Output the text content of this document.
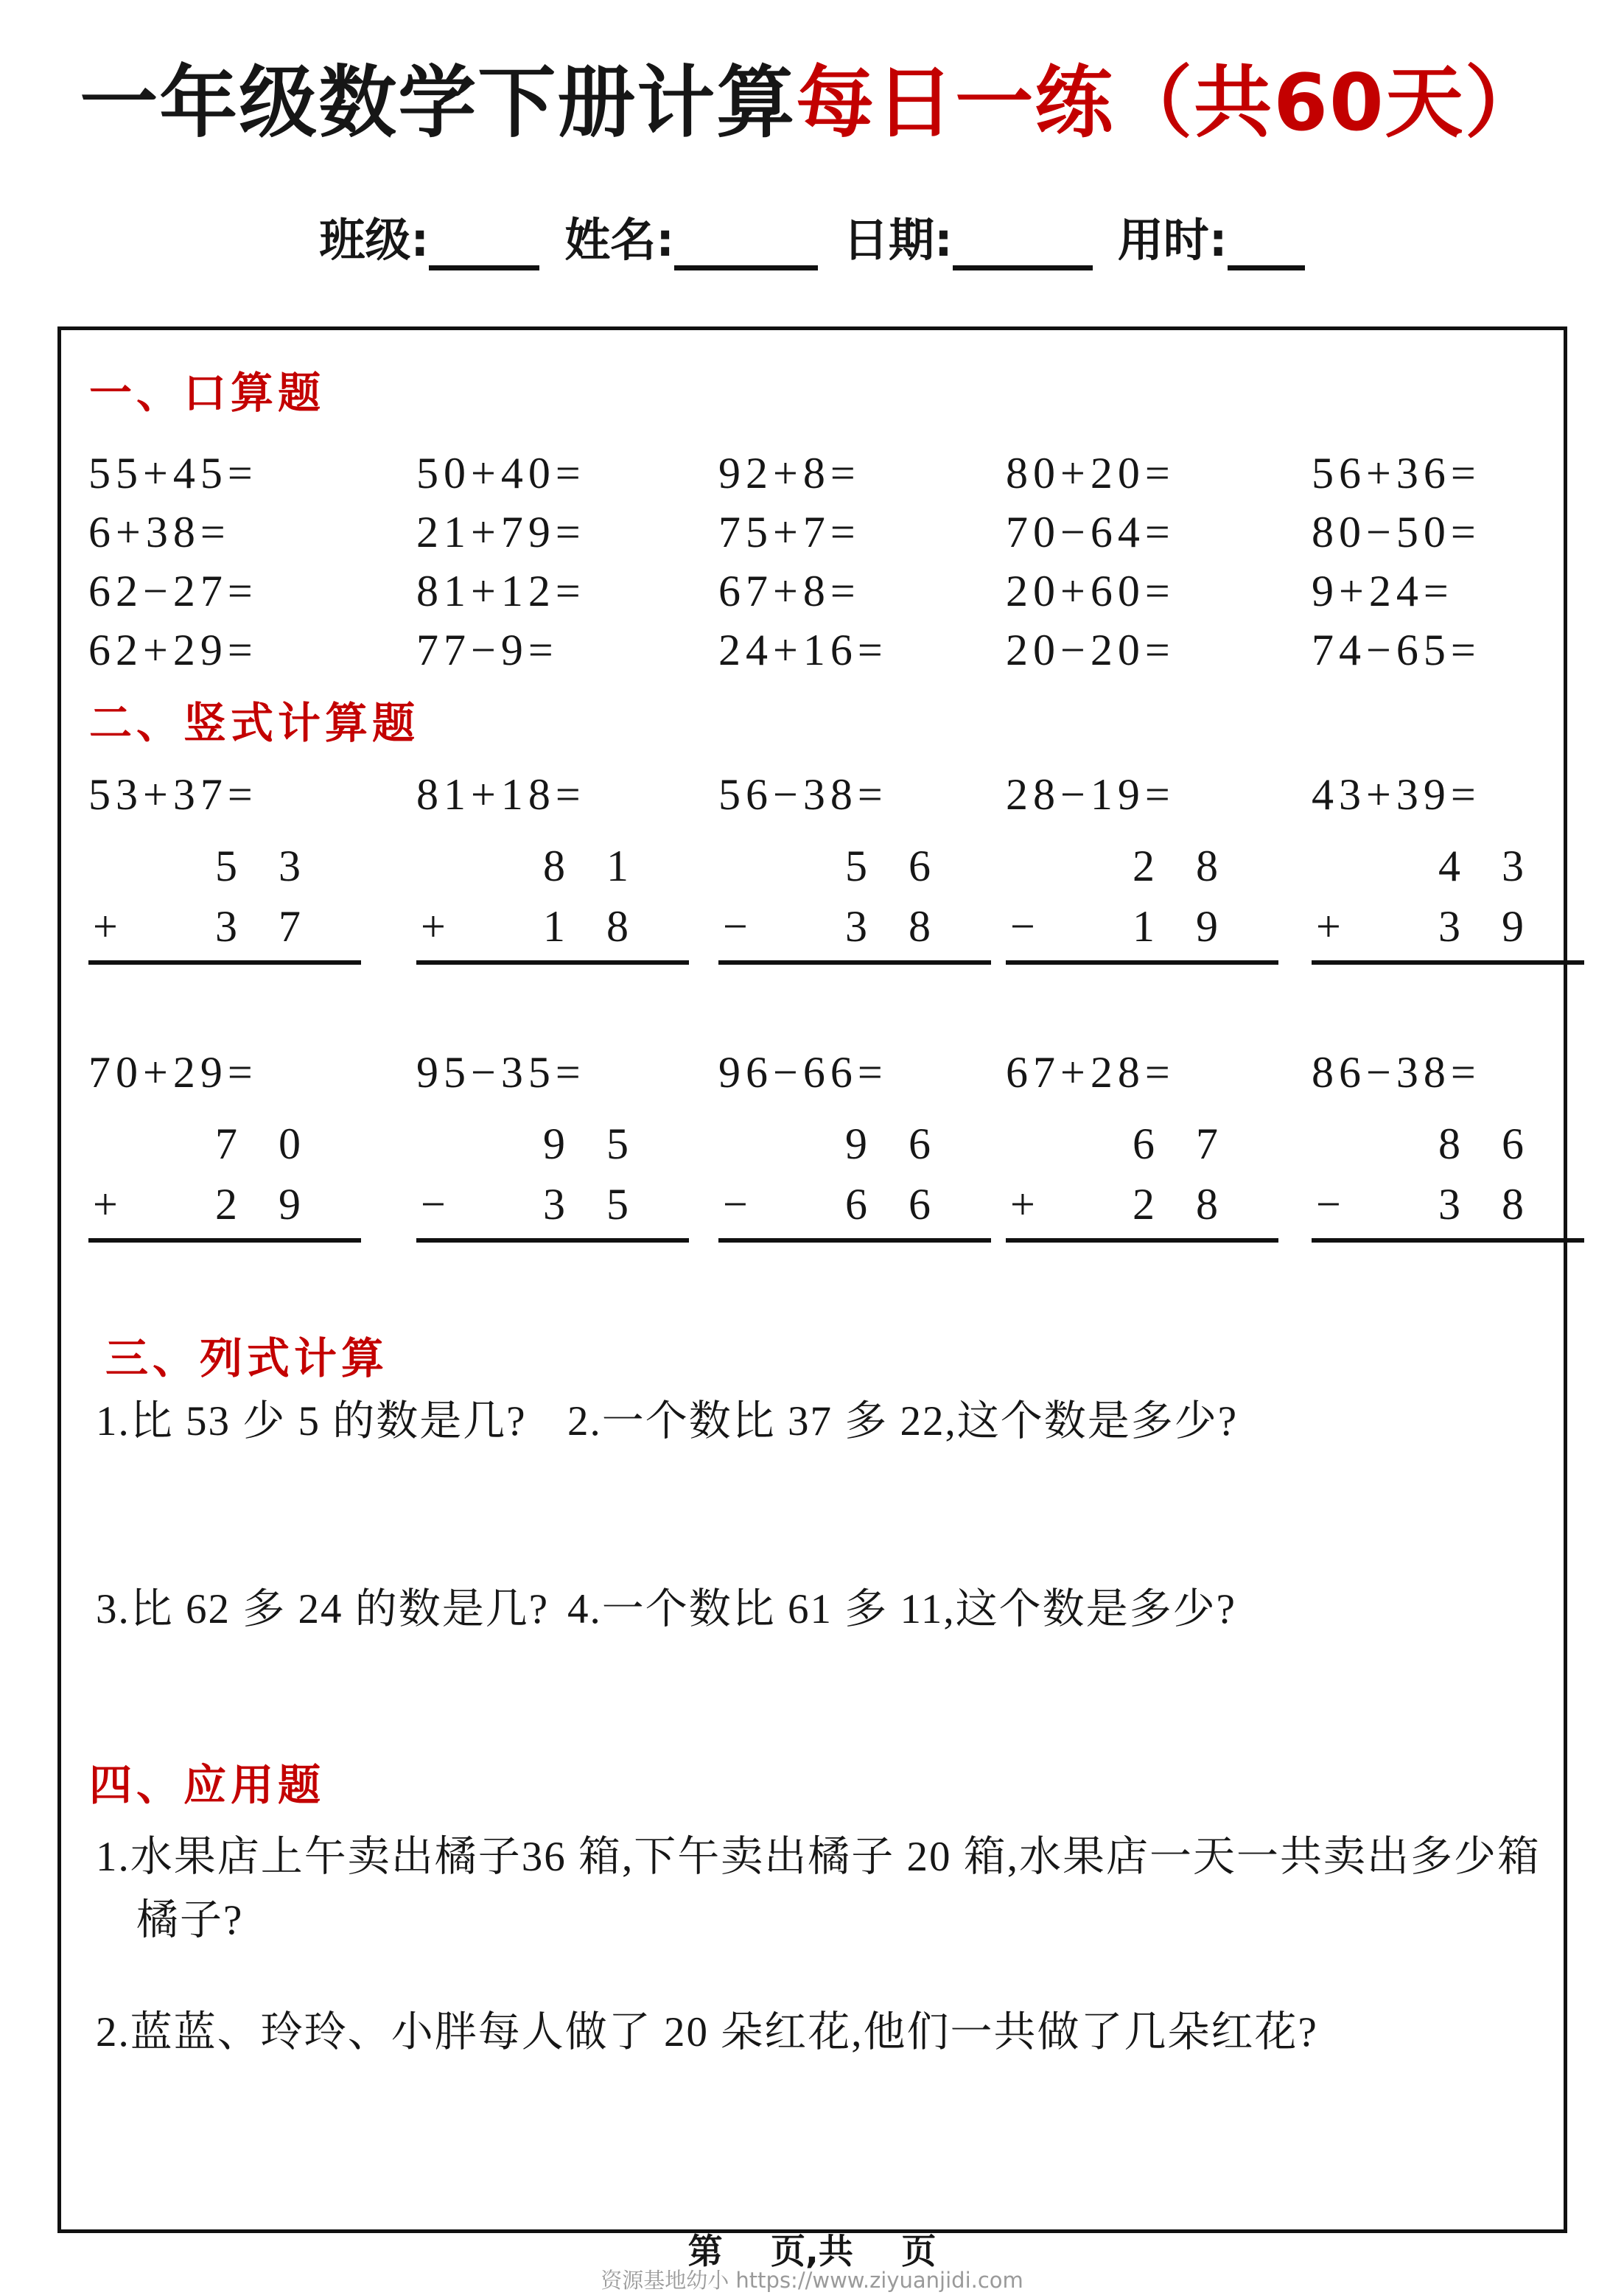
一年级数学下册计算每日一练（共60天）
班级:	姓名:	日期:	用时:
一、口算题
55+45=	50+40=	92+8=	80+20=	56+36=
6+38=	21+79=	75+7=	70−64=	80−50=
62−27=	81+12=	67+8=	20+60=	9+24=
62+29=	77−9=	24+16=	20−20=	74−65=
二、竖式计算题
53+37=
53
+	37
81+18=
81
+	18
56−38=
56
−	38
28−19=
28
−	19
43+39=
43
+	39
70+29=
70
+	29
95−35=
95
−	35
96−66=
96
−	66
67+28=
67
+	28
86−38=
86
−	38
三、列式计算
1.比 53 少 5 的数是几? 2.一个数比 37 多 22,这个数是多少?
3.比 62 多 24 的数是几? 4.一个数比 61 多 11,这个数是多少?
四、应用题
1.水果店上午卖出橘子36 箱,下午卖出橘子 20 箱,水果店一天一共卖出多少箱橘子?
2.蓝蓝、玲玲、小胖每人做了 20 朵红花,他们一共做了几朵红花?
第    页,共    页
资源基地幼小 https://www.ziyuanjidi.com
